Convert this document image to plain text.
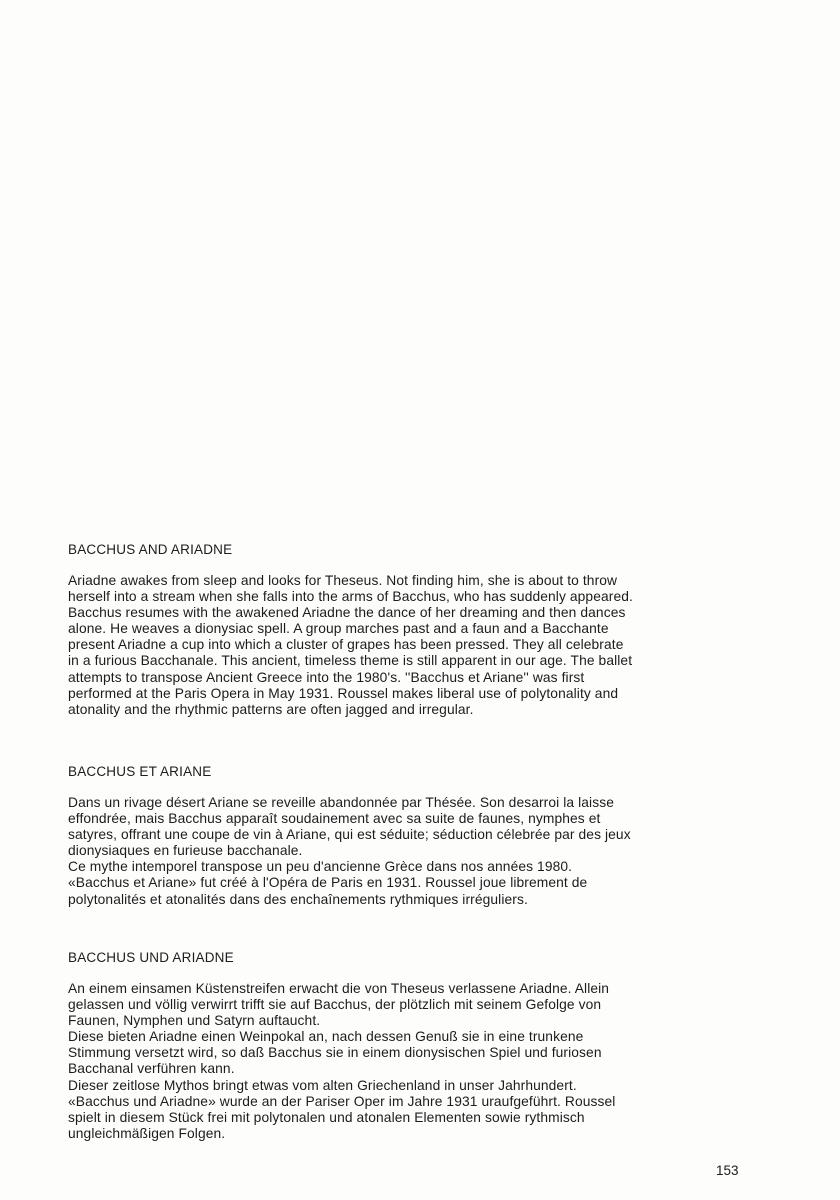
BACCHUS AND ARIADNE
Ariadne awakes from sleep and looks for Theseus. Not finding him, she is about to throw
herself into a stream when she falls into the arms of Bacchus, who has suddenly appeared.
Bacchus resumes with the awakened Ariadne the dance of her dreaming and then dances
alone. He weaves a dionysiac spell. A group marches past and a faun and a Bacchante
present Ariadne a cup into which a cluster of grapes has been pressed. They all celebrate
in a furious Bacchanale. This ancient, timeless theme is still apparent in our age. The ballet
attempts to transpose Ancient Greece into the 1980's. ''Bacchus et Ariane'' was first
performed at the Paris Opera in May 1931. Roussel makes liberal use of polytonality and
atonality and the rhythmic patterns are often jagged and irregular.
BACCHUS ET ARIANE
Dans un rivage désert Ariane se reveille abandonnée par Thésée. Son desarroi la laisse
effondrée, mais Bacchus apparaît soudainement avec sa suite de faunes, nymphes et
satyres, offrant une coupe de vin à Ariane, qui est séduite; séduction célebrée par des jeux
dionysiaques en furieuse bacchanale.
Ce mythe intemporel transpose un peu d'ancienne Grèce dans nos années 1980.
«Bacchus et Ariane» fut créé à l'Opéra de Paris en 1931. Roussel joue librement de
polytonalités et atonalités dans des enchaînements rythmiques irréguliers.
BACCHUS UND ARIADNE
An einem einsamen Küstenstreifen erwacht die von Theseus verlassene Ariadne. Allein
gelassen und völlig verwirrt trifft sie auf Bacchus, der plötzlich mit seinem Gefolge von
Faunen, Nymphen und Satyrn auftaucht.
Diese bieten Ariadne einen Weinpokal an, nach dessen Genuß sie in eine trunkene
Stimmung versetzt wird, so daß Bacchus sie in einem dionysischen Spiel und furiosen
Bacchanal verführen kann.
Dieser zeitlose Mythos bringt etwas vom alten Griechenland in unser Jahrhundert.
«Bacchus und Ariadne» wurde an der Pariser Oper im Jahre 1931 uraufgeführt. Roussel
spielt in diesem Stück frei mit polytonalen und atonalen Elementen sowie rythmisch
ungleichmäßigen Folgen.
153
